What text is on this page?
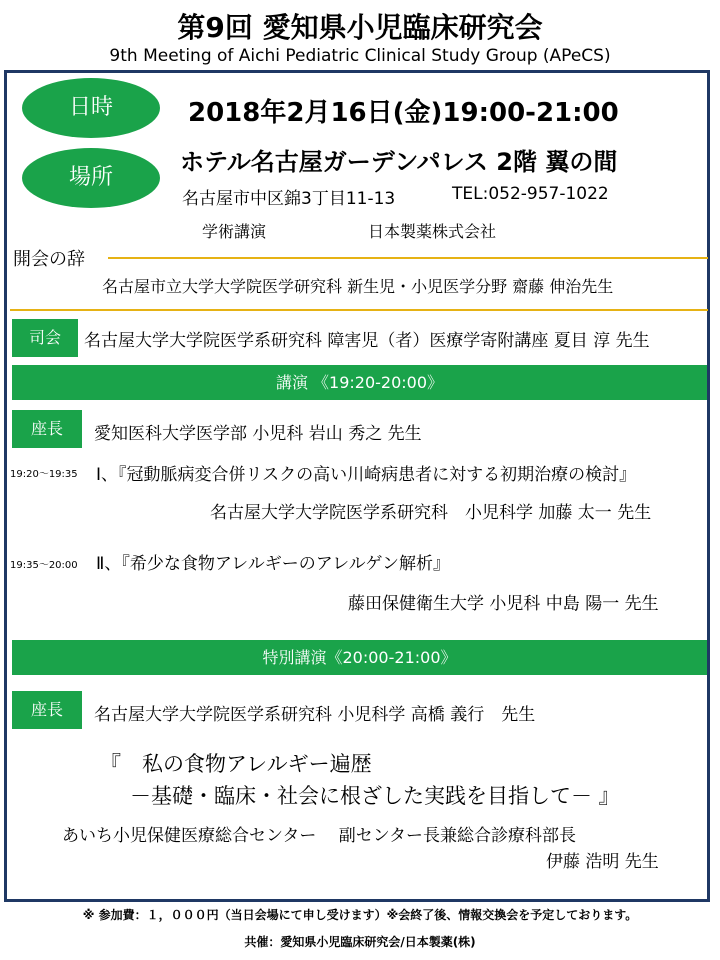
第9回 愛知県小児臨床研究会
9th Meeting of Aichi Pediatric Clinical Study Group (APeCS)
日時	2018年2月16日(金)19:00-21:00
場所
ホテル名古屋ガーデンパレス 2階 翼の間
名古屋市中区錦3丁目11-13	TEL:052-957-1022
学術講演	日本製薬株式会社
開会の辞
名古屋市立大学大学院医学研究科 新生児・小児医学分野 齋藤 伸治先生
司会	名古屋大学大学院医学系研究科 障害児（者）医療学寄附講座 夏目 淳 先生
講演 《19:20-20:00》
座長	愛知医科大学医学部 小児科 岩山 秀之 先生
19:20～19:35 Ⅰ、『冠動脈病変合併リスクの高い川崎病患者に対する初期治療の検討』
名古屋大学大学院医学系研究科　小児科学 加藤 太一 先生
19:35～20:00 Ⅱ、『希少な食物アレルギーのアレルゲン解析』
藤田保健衛生大学 小児科 中島 陽一 先生
特別講演《20:00-21:00》
座長	名古屋大学大学院医学系研究科 小児科学 高橋 義行　先生
『　私の食物アレルギー遍歴
－基礎・臨床・社会に根ざした実践を目指して－ 』
あいち小児保健医療総合センター　 副センター長兼総合診療科部長
伊藤 浩明 先生
※ 参加費：１，０００円（当日会場にて申し受けます）※会終了後、情報交換会を予定しております。
共催：愛知県小児臨床研究会/日本製薬(株)
